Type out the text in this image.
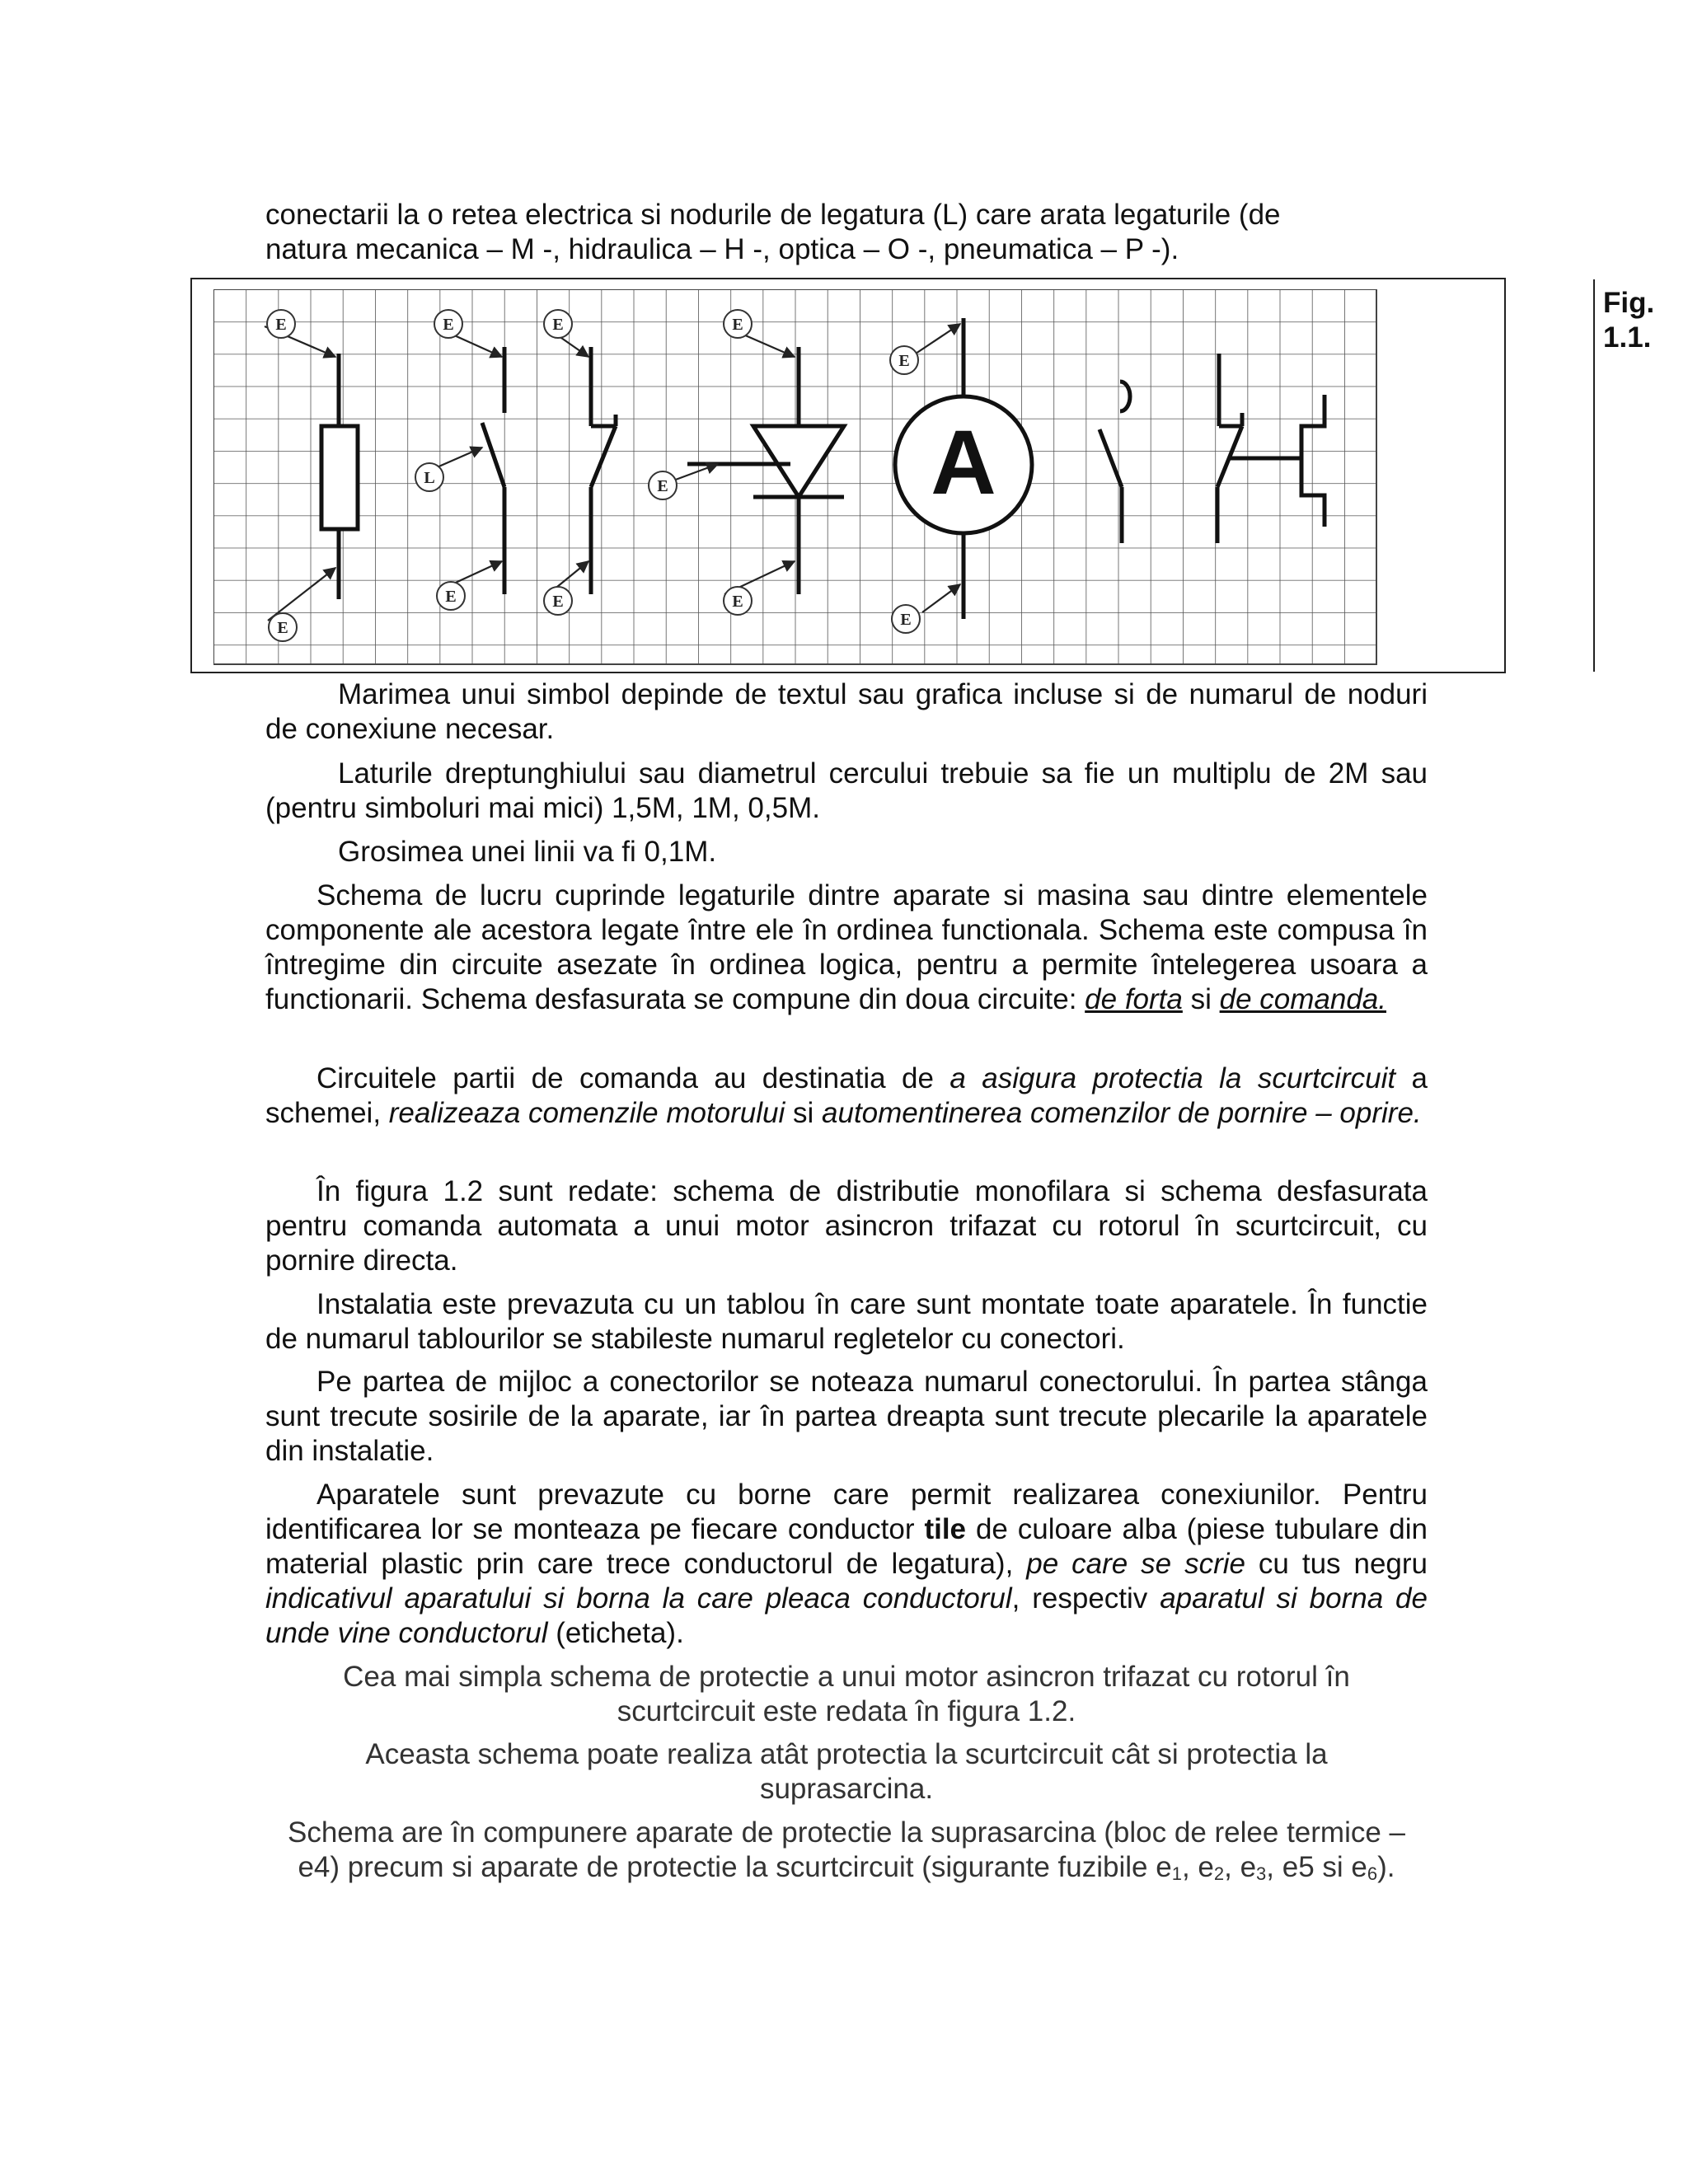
conectarii la o retea electrica si nodurile de legatura (L) care arata legaturile (de
natura mecanica – M -, hidraulica – H -, optica – O -, pneumatica – P -).
Fig. 1.1.
E
E
E
E
L
E
E
E
E
E
E
E
A

Marimea unui simbol depinde de textul sau grafica incluse si de numarul de noduri de conexiune necesar.

Laturile dreptunghiului sau diametrul cercului trebuie sa fie un multiplu de 2M sau (pentru simboluri mai mici) 1,5M, 1M, 0,5M.

Grosimea unei linii va fi 0,1M.

Schema de lucru cuprinde legaturile dintre aparate si masina sau dintre elementele componente ale acestora legate între ele în ordinea functionala. Schema este compusa în întregime din circuite asezate în ordinea logica, pentru a permite întelegerea usoara a functionarii. Schema desfasurata se compune din doua circuite: de forta si de comanda.

Circuitele partii de comanda au destinatia de a asigura protectia la scurtcircuit a schemei, realizeaza comenzile motorului si automentinerea comenzilor de pornire – oprire.

În figura 1.2 sunt redate: schema de distributie monofilara si schema desfasurata pentru comanda automata a unui motor asincron trifazat cu rotorul în scurtcircuit, cu pornire directa.

Instalatia este prevazuta cu un tablou în care sunt montate toate aparatele. În functie de numarul tablourilor se stabileste numarul regletelor cu conectori.

Pe partea de mijloc a conectorilor se noteaza numarul conectorului. În partea stânga sunt trecute sosirile de la aparate, iar în partea dreapta sunt trecute plecarile la aparatele din instalatie.

Aparatele sunt prevazute cu borne care permit realizarea conexiunilor. Pentru identificarea lor se monteaza pe fiecare conductor tile de culoare alba (piese tubulare din material plastic prin care trece conductorul de legatura), pe care se scrie cu tus negru indicativul aparatului si borna la care pleaca conductorul, respectiv aparatul si borna de unde vine conductorul (eticheta).

Cea mai simpla schema de protectie a unui motor asincron trifazat cu rotorul în scurtcircuit este redata în figura 1.2.

Aceasta schema poate realiza atât protectia la scurtcircuit cât si protectia la suprasarcina.

Schema are în compunere aparate de protectie la suprasarcina (bloc de relee termice – e4) precum si aparate de protectie la scurtcircuit (sigurante fuzibile $e_1$, $e_2$, $e_3$, e5 si $e_6$).
